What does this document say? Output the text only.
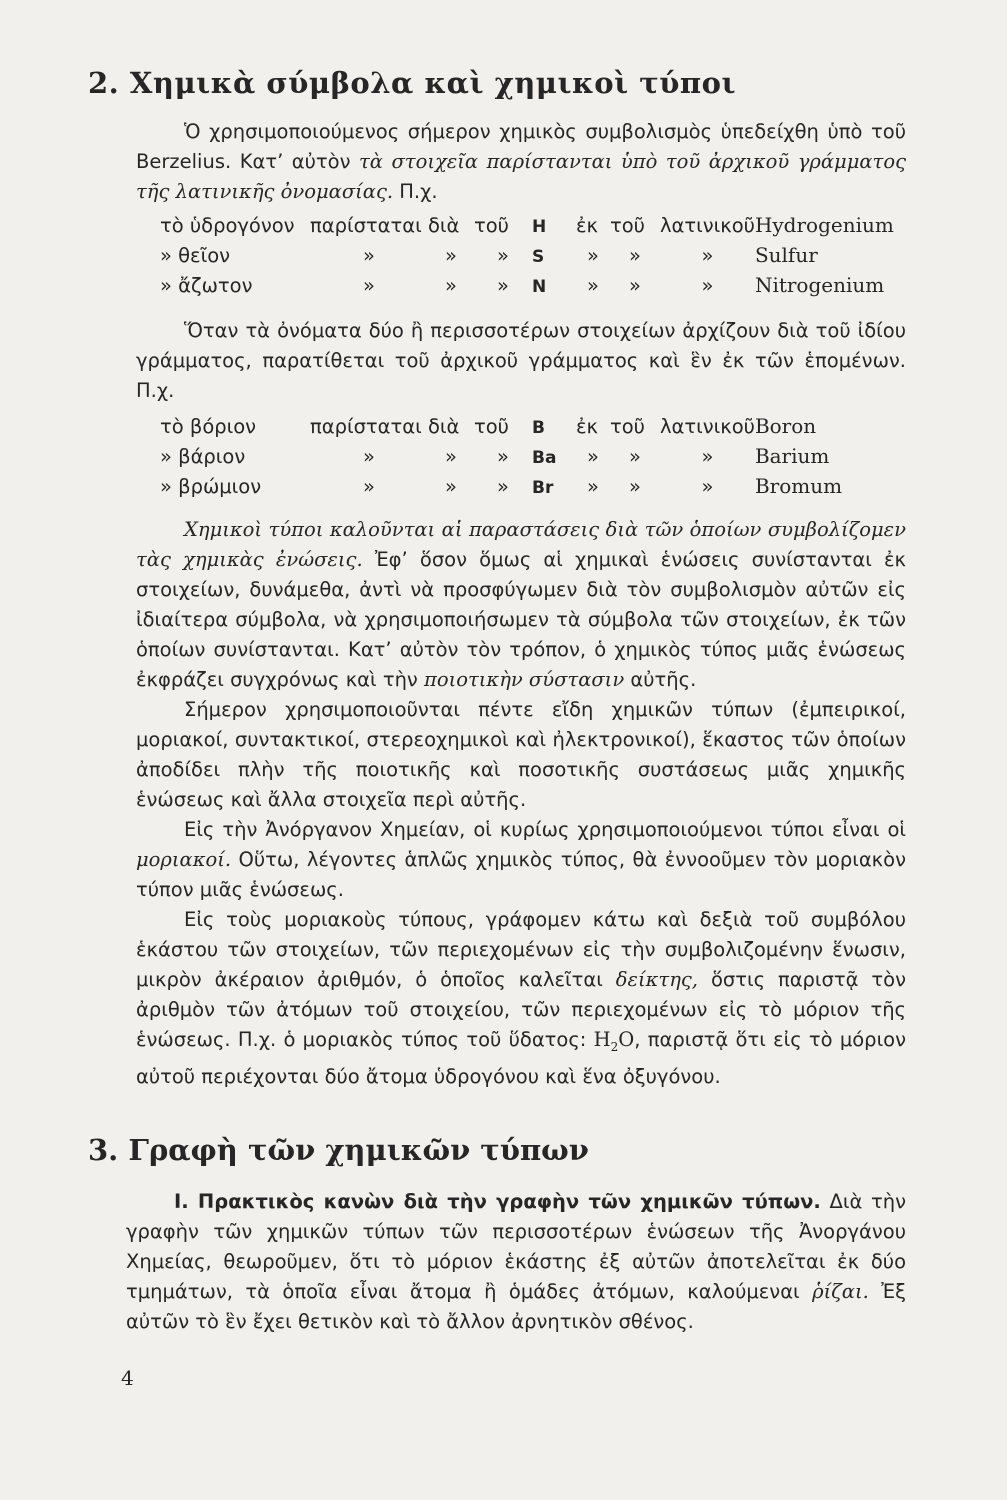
2. Χημικὰ σύμβολα καὶ χημικοὶ τύποι

Ὁ χρησιμοποιούμενος σήμερον χημικὸς συμβολισμὸς ὑπεδείχθη ὑπὸ τοῦ Berzelius. Κατ’ αὐτὸν τὰ στοιχεῖα παρίστανται ὑπὸ τοῦ ἀρχικοῦ γράμματος τῆς λατινικῆς ὀνομασίας. Π.χ.

τὸ ὑδρογόνον	παρίσταται	διὰ	τοῦ	H	ἐκ	τοῦ	λατινικοῦ	Hydrogenium
» θεῖον	»	»	»	S	»	»	»	Sulfur
» ἄζωτον	»	»	»	N	»	»	»	Nitrogenium

Ὅταν τὰ ὀνόματα δύο ἢ περισσοτέρων στοιχείων ἀρχίζουν διὰ τοῦ ἰδίου γράμματος, παρατίθεται τοῦ ἀρχικοῦ γράμματος καὶ ἓν ἐκ τῶν ἑπομένων. Π.χ.

τὸ βόριον	παρίσταται	διὰ	τοῦ	B	ἐκ	τοῦ	λατινικοῦ	Boron
» βάριον	»	»	»	Ba	»	»	»	Barium
» βρώμιον	»	»	»	Br	»	»	»	Bromum

Χημικοὶ τύποι καλοῦνται αἱ παραστάσεις διὰ τῶν ὁποίων συμβολίζομεν τὰς χημικὰς ἐνώσεις. Ἐφ’ ὅσον ὅμως αἱ χημικαὶ ἑνώσεις συνίστανται ἐκ στοιχείων, δυνάμεθα, ἀντὶ νὰ προσφύγωμεν διὰ τὸν συμβολισμὸν αὐτῶν εἰς ἰδιαίτερα σύμβολα, νὰ χρησιμοποιήσωμεν τὰ σύμβολα τῶν στοιχείων, ἐκ τῶν ὁποίων συνίστανται. Κατ’ αὐτὸν τὸν τρόπον, ὁ χημικὸς τύπος μιᾶς ἑνώσεως ἐκφράζει συγχρόνως καὶ τὴν ποιοτικὴν σύστασιν αὐτῆς.

Σήμερον χρησιμοποιοῦνται πέντε εἴδη χημικῶν τύπων (ἐμπειρικοί, μοριακοί, συντακτικοί, στερεοχημικοὶ καὶ ἠλεκτρονικοί), ἕκαστος τῶν ὁποίων ἀποδίδει πλὴν τῆς ποιοτικῆς καὶ ποσοτικῆς συστάσεως μιᾶς χημικῆς ἑνώσεως καὶ ἄλλα στοιχεῖα περὶ αὐτῆς.

Εἰς τὴν Ἀνόργανον Χημείαν, οἱ κυρίως χρησιμοποιούμενοι τύποι εἶναι οἱ μοριακοί. Οὕτω, λέγοντες ἁπλῶς χημικὸς τύπος, θὰ ἐννοοῦμεν τὸν μοριακὸν τύπον μιᾶς ἑνώσεως.

Εἰς τοὺς μοριακοὺς τύπους, γράφομεν κάτω καὶ δεξιὰ τοῦ συμβόλου ἑκάστου τῶν στοιχείων, τῶν περιεχομένων εἰς τὴν συμβολιζομένην ἕνωσιν, μικρὸν ἀκέραιον ἀριθμόν, ὁ ὁποῖος καλεῖται δείκτης, ὅστις παριστᾷ τὸν ἀριθμὸν τῶν ἀτόμων τοῦ στοιχείου, τῶν περιεχομένων εἰς τὸ μόριον τῆς ἑνώσεως. Π.χ. ὁ μοριακὸς τύπος τοῦ ὕδατος: $H_2O$, παριστᾷ ὅτι εἰς τὸ μόριον αὐτοῦ περιέχονται δύο ἄτομα ὑδρογόνου καὶ ἕνα ὀξυγόνου.

3. Γραφὴ τῶν χημικῶν τύπων

Ι. Πρακτικὸς κανὼν διὰ τὴν γραφὴν τῶν χημικῶν τύπων. Διὰ τὴν γραφὴν τῶν χημικῶν τύπων τῶν περισσοτέρων ἑνώσεων τῆς Ἀνοργάνου Χημείας, θεωροῦμεν, ὅτι τὸ μόριον ἑκάστης ἐξ αὐτῶν ἀποτελεῖται ἐκ δύο τμημάτων, τὰ ὁποῖα εἶναι ἄτομα ἢ ὁμάδες ἀτόμων, καλούμεναι ῥίζαι. Ἐξ αὐτῶν τὸ ἓν ἔχει θετικὸν καὶ τὸ ἄλλον ἀρνητικὸν σθένος.

4
